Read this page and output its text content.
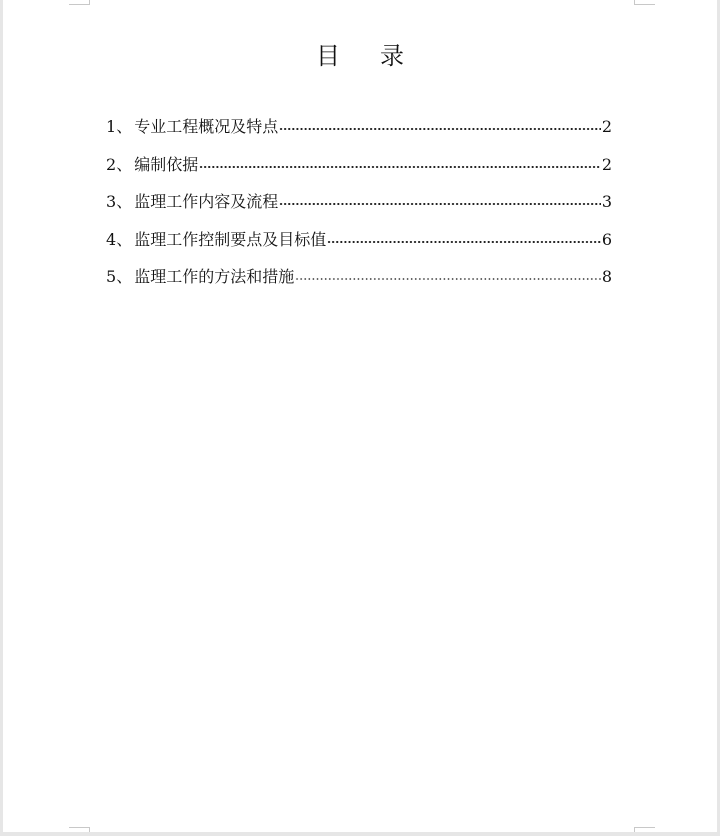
目 录
1 、 专业工程概况及特点	2
2 、 编制依据	2
3 、 监理工作内容及流程	3
4 、 监理工作控制要点及目标值	6
5 、 监理工作的方法和措施	8
